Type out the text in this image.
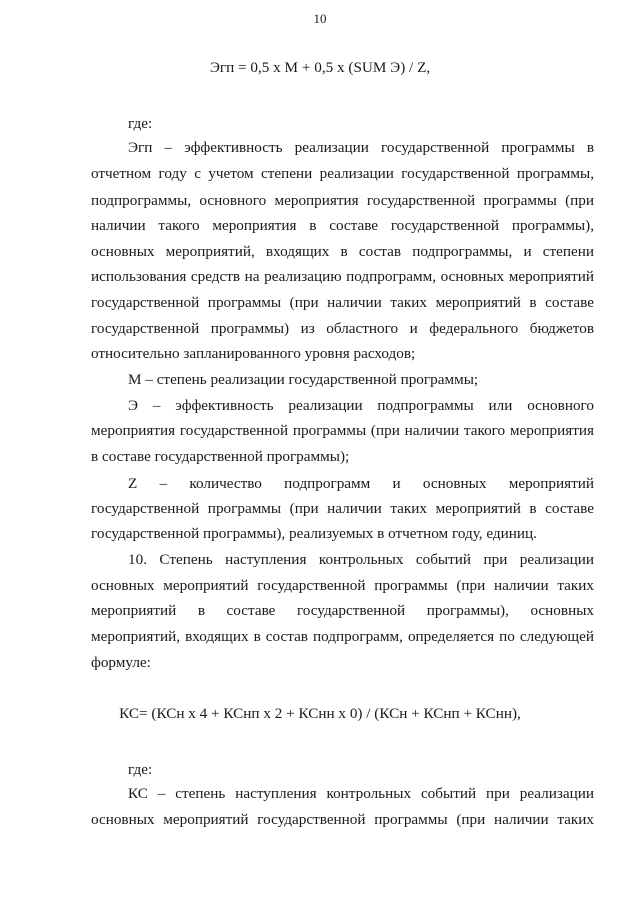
10
Эгп = 0,5 x M + 0,5 x (SUM Э) / Z,
где:
Эгп – эффективность реализации государственной программы в
отчетном году с учетом степени реализации государственной программы,
подпрограммы, основного мероприятия государственной программы (при
наличии такого мероприятия в составе государственной программы),
основных мероприятий, входящих в состав подпрограммы, и степени
использования средств на реализацию подпрограмм, основных мероприятий
государственной программы (при наличии таких мероприятий в составе
государственной программы) из областного и федерального бюджетов
относительно запланированного уровня расходов;
М – степень реализации государственной программы;
Э – эффективность реализации подпрограммы или основного
мероприятия государственной программы (при наличии такого мероприятия
в составе государственной программы);
Z – количество подпрограмм и основных мероприятий
государственной программы (при наличии таких мероприятий в составе
государственной программы), реализуемых в отчетном году, единиц.
10. Степень наступления контрольных событий при реализации
основных мероприятий государственной программы (при наличии таких
мероприятий в составе государственной программы), основных
мероприятий, входящих в состав подпрограмм, определяется по следующей
формуле:
КС= (КСн x 4 + КСнп x 2 + КСнн x 0) / (КСн + КСнп + КСнн),
где:
КС – степень наступления контрольных событий при реализации
основных мероприятий государственной программы (при наличии таких
